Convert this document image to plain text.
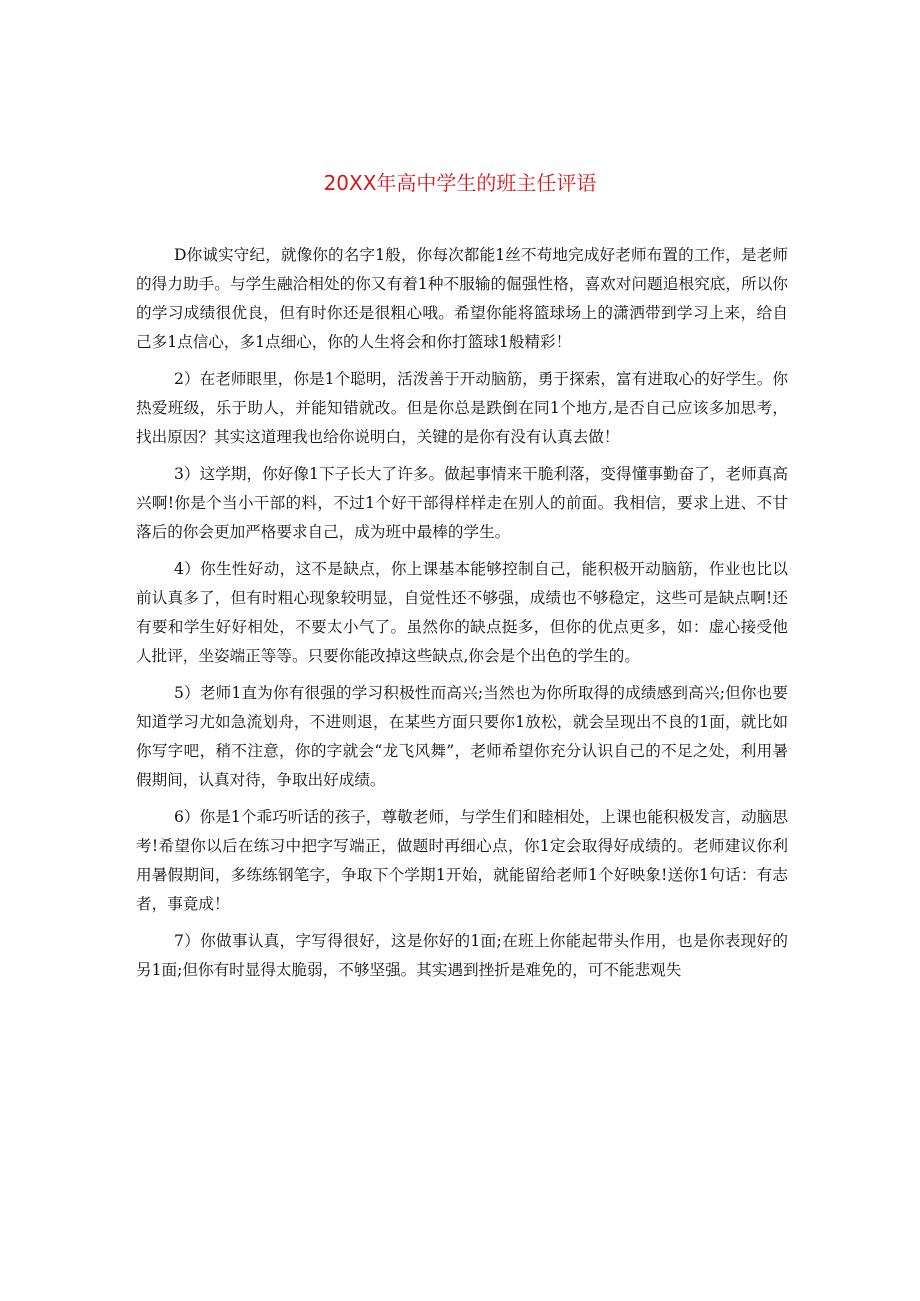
20XX年高中学生的班主任评语

D你诚实守纪，就像你的名字1般，你每次都能1丝不苟地完成好老师布置的工作，是老师的得力助手。与学生融洽相处的你又有着1种不服输的倔强性格，喜欢对问题追根究底，所以你的学习成绩很优良，但有时你还是很粗心哦。希望你能将篮球场上的潇洒带到学习上来，给自己多1点信心，多1点细心，你的人生将会和你打篮球1般精彩！

2）在老师眼里，你是1个聪明，活泼善于开动脑筋，勇于探索，富有进取心的好学生。你热爱班级，乐于助人，并能知错就改。但是你总是跌倒在同1个地方,是否自己应该多加思考，找出原因？其实这道理我也给你说明白，关键的是你有没有认真去做！

3）这学期，你好像1下子长大了许多。做起事情来干脆利落，变得懂事勤奋了，老师真高兴啊!你是个当小干部的料，不过1个好干部得样样走在别人的前面。我相信，要求上进、不甘落后的你会更加严格要求自己，成为班中最棒的学生。

4）你生性好动，这不是缺点，你上课基本能够控制自己，能积极开动脑筋，作业也比以前认真多了，但有时粗心现象较明显，自觉性还不够强，成绩也不够稳定，这些可是缺点啊!还有要和学生好好相处，不要太小气了。虽然你的缺点挺多，但你的优点更多，如：虚心接受他人批评，坐姿端正等等。只要你能改掉这些缺点,你会是个出色的学生的。

5）老师1直为你有很强的学习积极性而高兴;当然也为你所取得的成绩感到高兴;但你也要知道学习尤如急流划舟，不进则退，在某些方面只要你1放松，就会呈现出不良的1面，就比如你写字吧，稍不注意，你的字就会“龙飞风舞”，老师希望你充分认识自己的不足之处，利用暑假期间，认真对待，争取出好成绩。

6）你是1个乖巧听话的孩子，尊敬老师，与学生们和睦相处，上课也能积极发言，动脑思考!希望你以后在练习中把字写端正，做题时再细心点，你1定会取得好成绩的。老师建议你利用暑假期间，多练练钢笔字，争取下个学期1开始，就能留给老师1个好映象!送你1句话：有志者，事竟成！

7）你做事认真，字写得很好，这是你好的1面;在班上你能起带头作用，也是你表现好的另1面;但你有时显得太脆弱，不够坚强。其实遇到挫折是难免的，可不能悲观失
